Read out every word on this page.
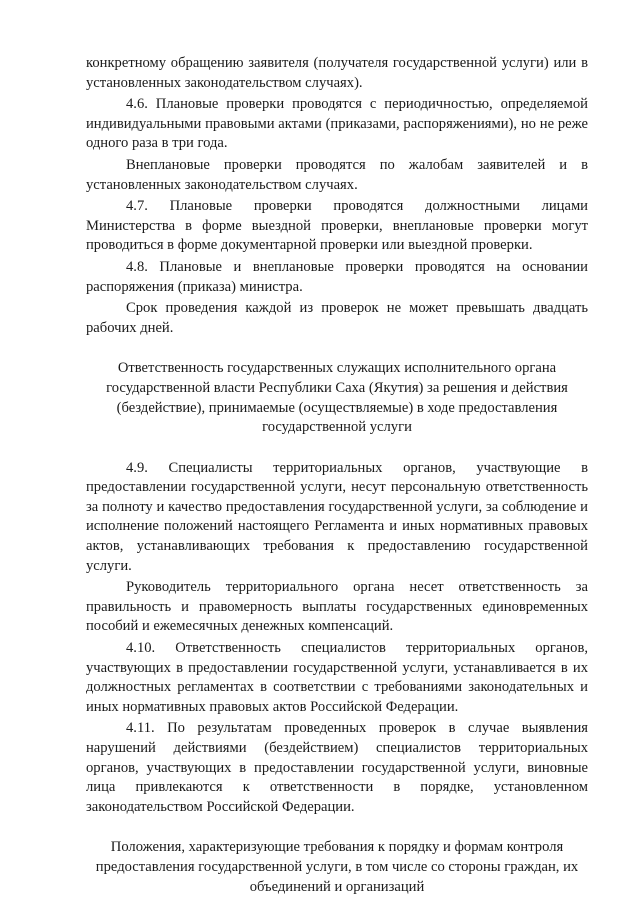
конкретному обращению заявителя (получателя государственной услуги) или в установленных законодательством случаях).

4.6. Плановые проверки проводятся с периодичностью, определяемой индивидуальными правовыми актами (приказами, распоряжениями), но не реже одного раза в три года.

Внеплановые проверки проводятся по жалобам заявителей и в установленных законодательством случаях.

4.7. Плановые проверки проводятся должностными лицами Министерства в форме выездной проверки, внеплановые проверки могут проводиться в форме документарной проверки или выездной проверки.

4.8. Плановые и внеплановые проверки проводятся на основании распоряжения (приказа) министра.

Срок проведения каждой из проверок не может превышать двадцать рабочих дней.

Ответственность государственных служащих исполнительного органа государственной власти Республики Саха (Якутия) за решения и действия (бездействие), принимаемые (осуществляемые) в ходе предоставления государственной услуги

4.9. Специалисты территориальных органов, участвующие в предоставлении государственной услуги, несут персональную ответственность за полноту и качество предоставления государственной услуги, за соблюдение и исполнение положений настоящего Регламента и иных нормативных правовых актов, устанавливающих требования к предоставлению государственной услуги.

Руководитель территориального органа несет ответственность за правильность и правомерность выплаты государственных единовременных пособий и ежемесячных денежных компенсаций.

4.10. Ответственность специалистов территориальных органов, участвующих в предоставлении государственной услуги, устанавливается в их должностных регламентах в соответствии с требованиями законодательных и иных нормативных правовых актов Российской Федерации.

4.11. По результатам проведенных проверок в случае выявления нарушений действиями (бездействием) специалистов территориальных органов, участвующих в предоставлении государственной услуги, виновные лица привлекаются к ответственности в порядке, установленном законодательством Российской Федерации.

Положения, характеризующие требования к порядку и формам контроля предоставления государственной услуги, в том числе со стороны граждан, их объединений и организаций
